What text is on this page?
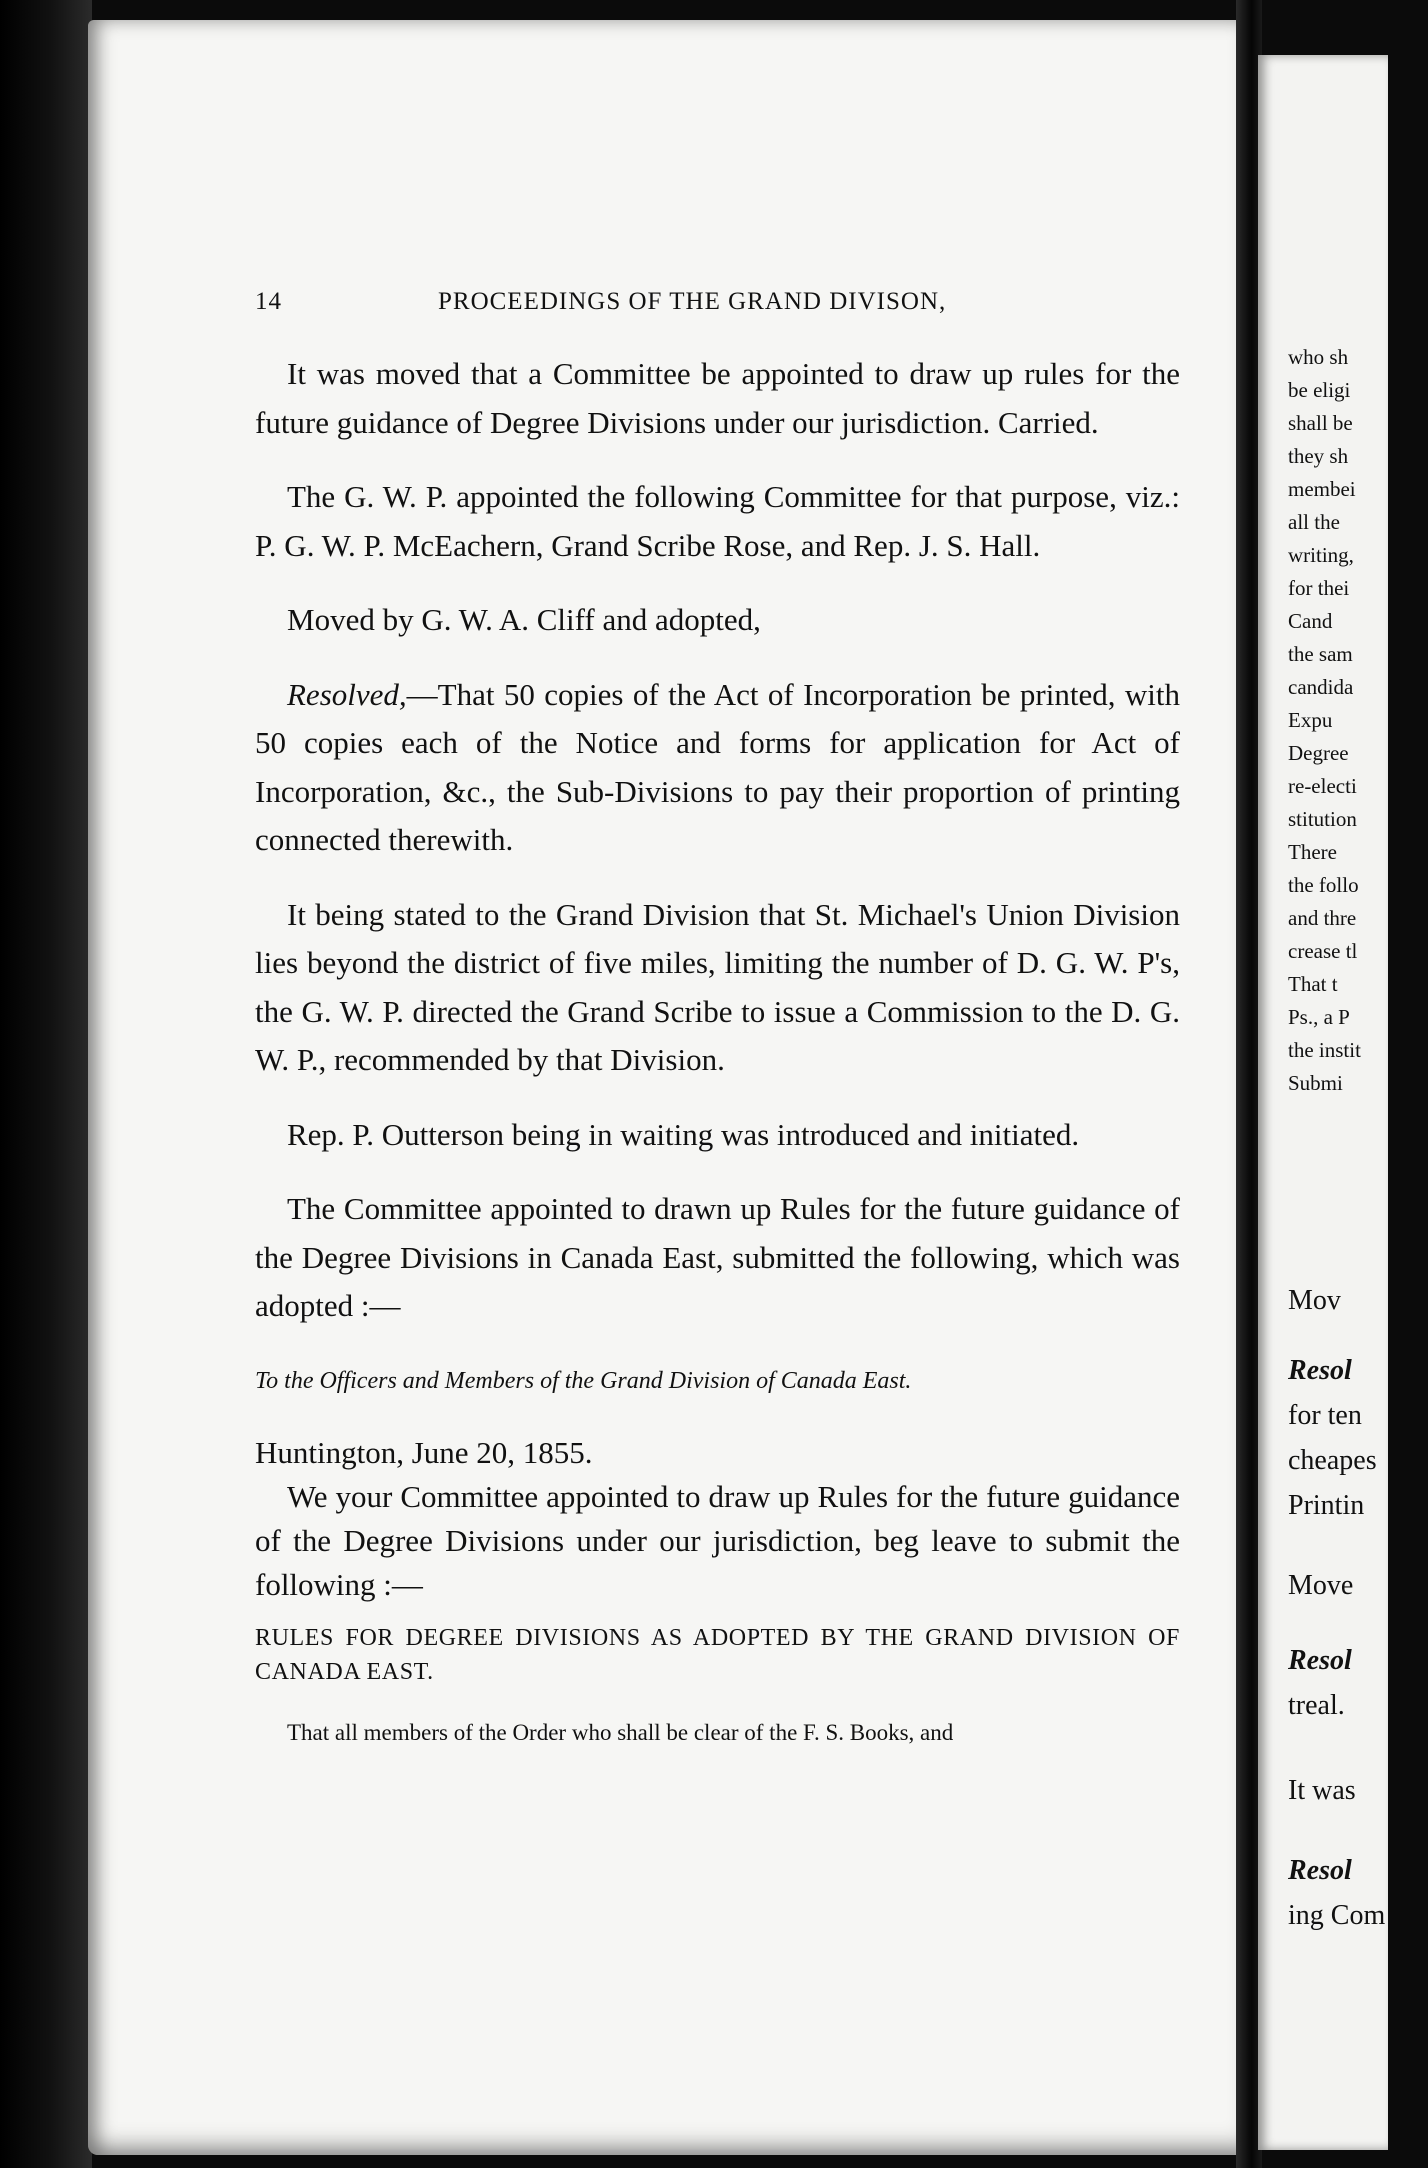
14	PROCEEDINGS OF THE GRAND DIVISON,

It was moved that a Committee be appointed to draw up rules for the future guidance of Degree Divisions under our jurisdiction. Carried.

The G. W. P. appointed the following Committee for that purpose, viz.: P. G. W. P. McEachern, Grand Scribe Rose, and Rep. J. S. Hall.

Moved by G. W. A. Cliff and adopted,

Resolved,—That 50 copies of the Act of Incorporation be printed, with 50 copies each of the Notice and forms for application for Act of Incorporation, &c., the Sub-Divisions to pay their proportion of printing connected therewith.

It being stated to the Grand Division that St. Michael's Union Division lies beyond the district of five miles, limiting the number of D. G. W. P's, the G. W. P. directed the Grand Scribe to issue a Commission to the D. G. W. P., recommended by that Division.

Rep. P. Outterson being in waiting was introduced and initiated.

The Committee appointed to drawn up Rules for the future guidance of the Degree Divisions in Canada East, submitted the following, which was adopted :—

To the Officers and Members of the Grand Division of Canada East.

Huntington, June 20, 1855.

We your Committee appointed to draw up Rules for the future guidance of the Degree Divisions under our jurisdiction, beg leave to submit the following :—

RULES FOR DEGREE DIVISIONS AS ADOPTED BY THE GRAND DIVISION OF CANADA EAST.

That all members of the Order who shall be clear of the F. S. Books, and

who sh
be eligi
shall be
they sh
membei
all the
writing,
for thei
Cand
the sam
candida
Expu
Degree
re-electi
stitution
There
the follo
and thre
crease tl
That t
Ps., a P
the instit
Submi
Mov
Resol
for ten
cheapes
Printin
Move
Resol
treal.
It was
Resol
ing Com
